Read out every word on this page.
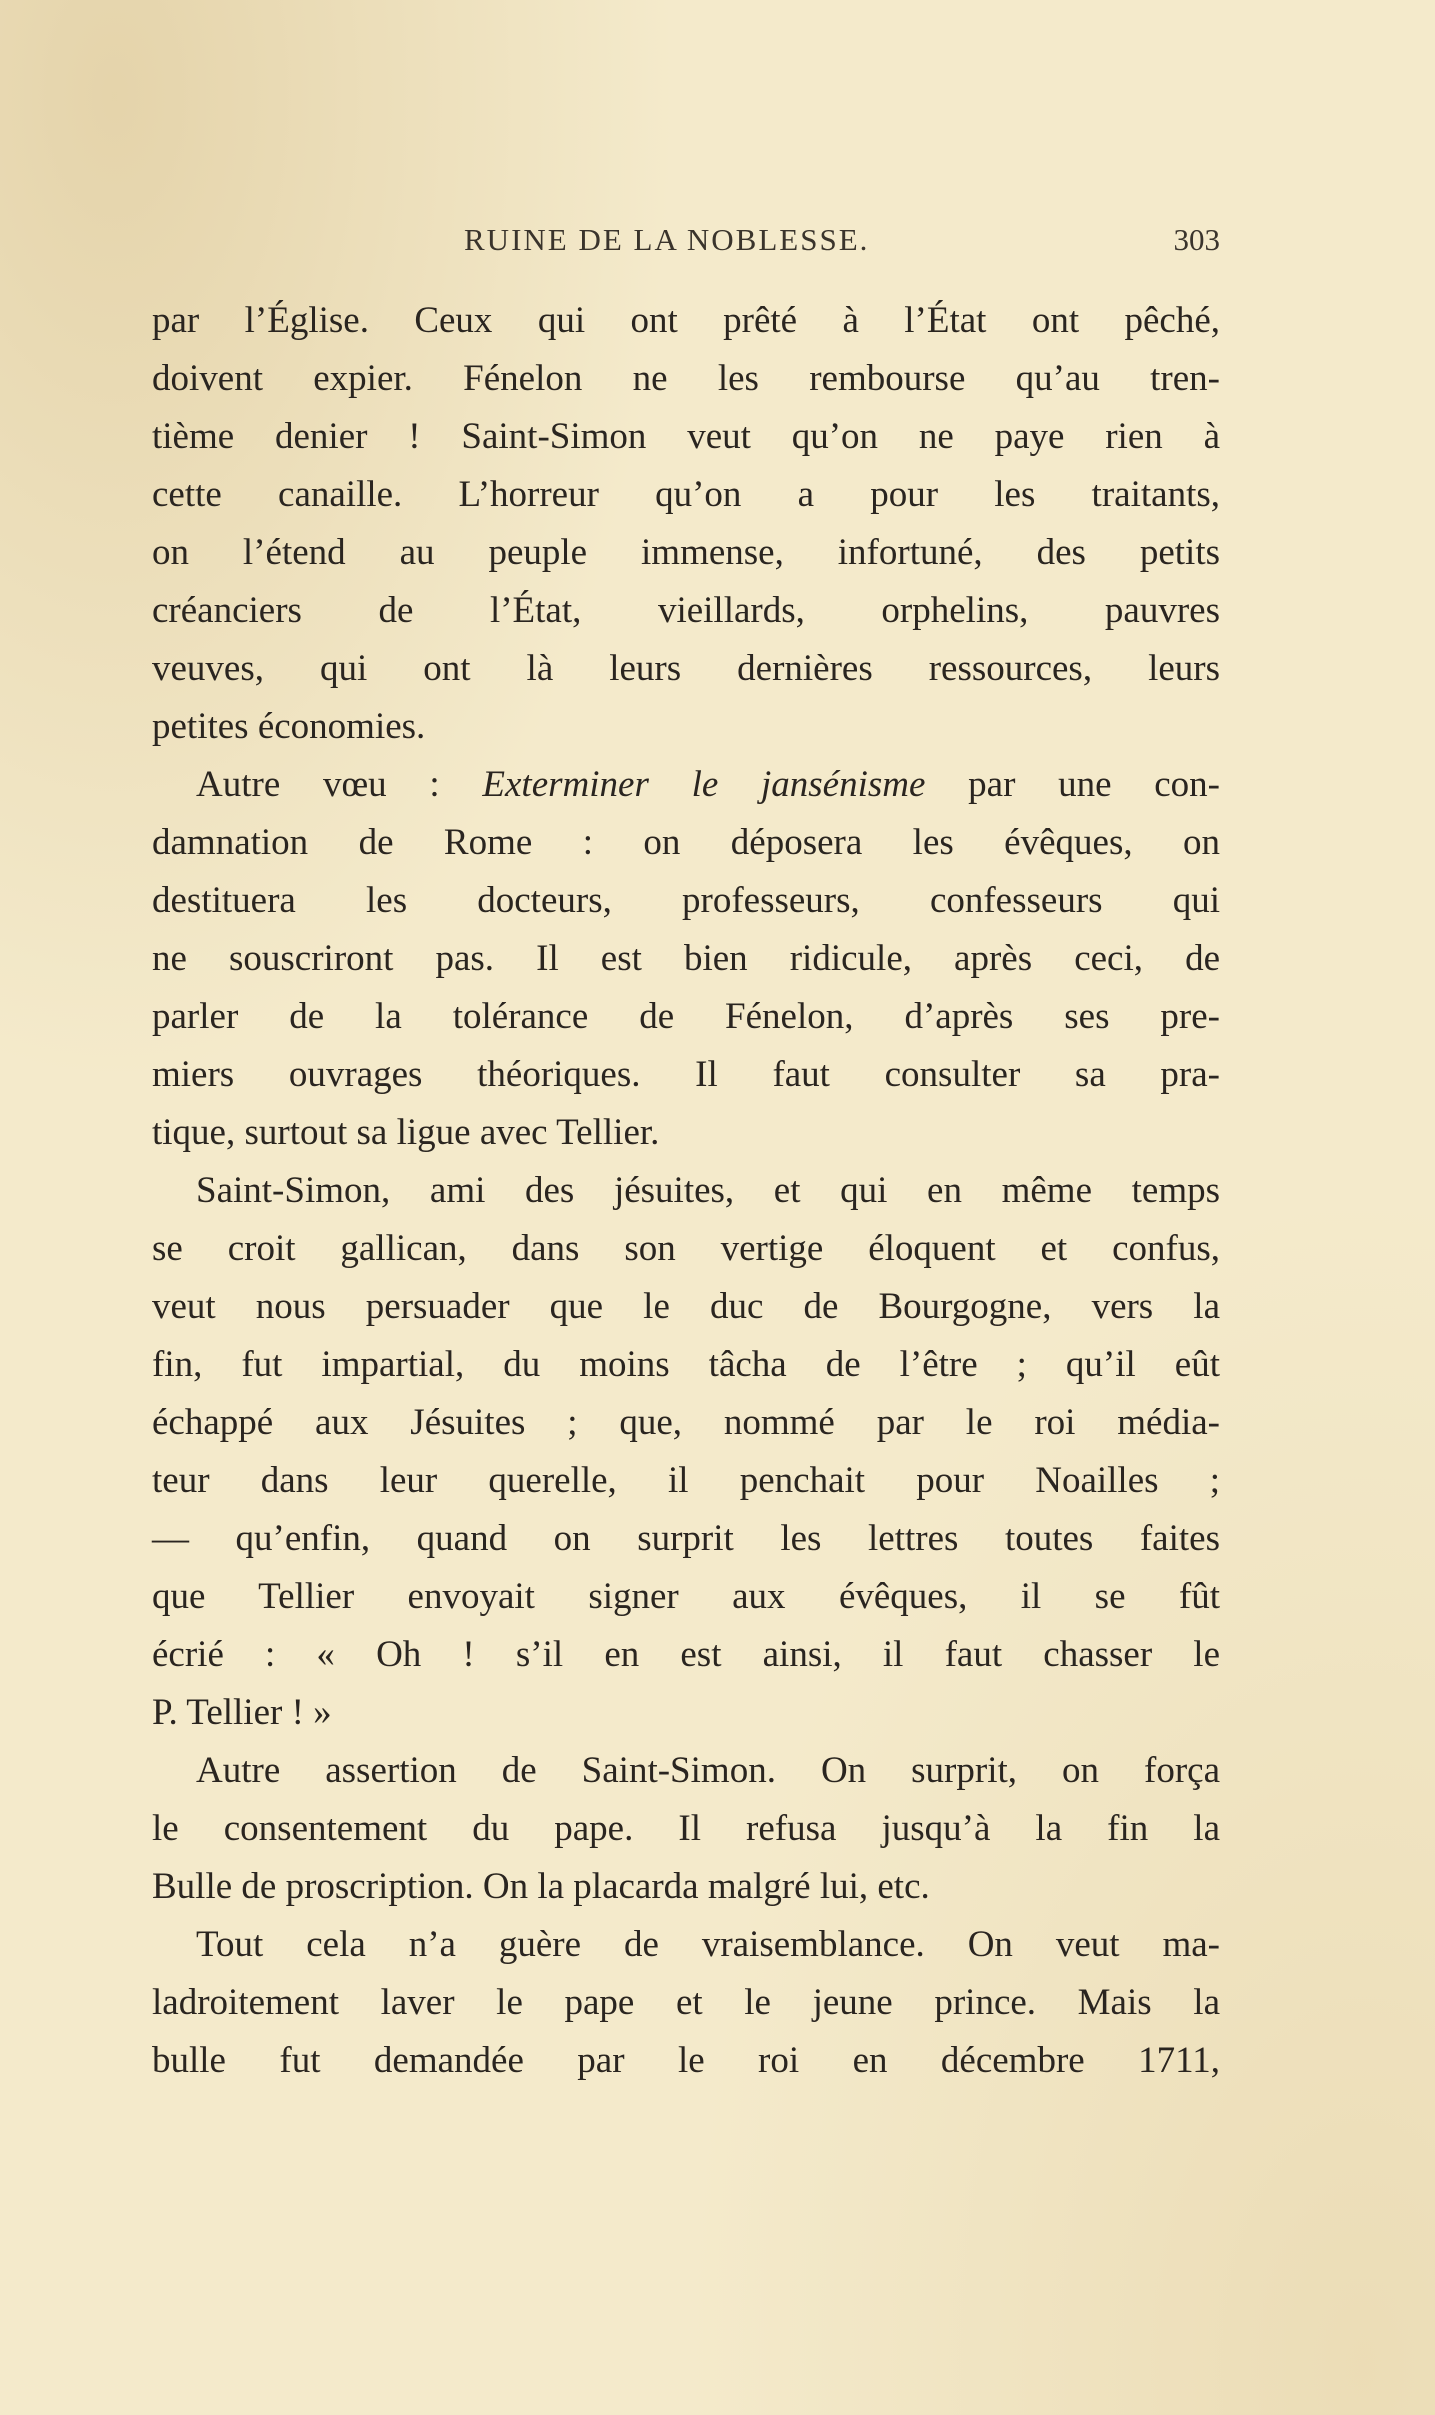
RUINE DE LA NOBLESSE.	303
par l’Église. Ceux qui ont prêté à l’État ont pêché,
doivent expier. Fénelon ne les rembourse qu’au tren-
tième denier ! Saint-Simon veut qu’on ne paye rien à
cette canaille. L’horreur qu’on a pour les traitants,
on l’étend au peuple immense, infortuné, des petits
créanciers de l’État, vieillards, orphelins, pauvres
veuves, qui ont là leurs dernières ressources, leurs
petites économies.
Autre vœu : Exterminer le jansénisme par une con-
damnation de Rome : on déposera les évêques, on
destituera les docteurs, professeurs, confesseurs qui
ne souscriront pas. Il est bien ridicule, après ceci, de
parler de la tolérance de Fénelon, d’après ses pre-
miers ouvrages théoriques. Il faut consulter sa pra-
tique, surtout sa ligue avec Tellier.
Saint-Simon, ami des jésuites, et qui en même temps
se croit gallican, dans son vertige éloquent et confus,
veut nous persuader que le duc de Bourgogne, vers la
fin, fut impartial, du moins tâcha de l’être ; qu’il eût
échappé aux Jésuites ; que, nommé par le roi média-
teur dans leur querelle, il penchait pour Noailles ;
— qu’enfin, quand on surprit les lettres toutes faites
que Tellier envoyait signer aux évêques, il se fût
écrié : « Oh ! s’il en est ainsi, il faut chasser le
P. Tellier ! »
Autre assertion de Saint-Simon. On surprit, on força
le consentement du pape. Il refusa jusqu’à la fin la
Bulle de proscription. On la placarda malgré lui, etc.
Tout cela n’a guère de vraisemblance. On veut ma-
ladroitement laver le pape et le jeune prince. Mais la
bulle fut demandée par le roi en décembre 1711,
